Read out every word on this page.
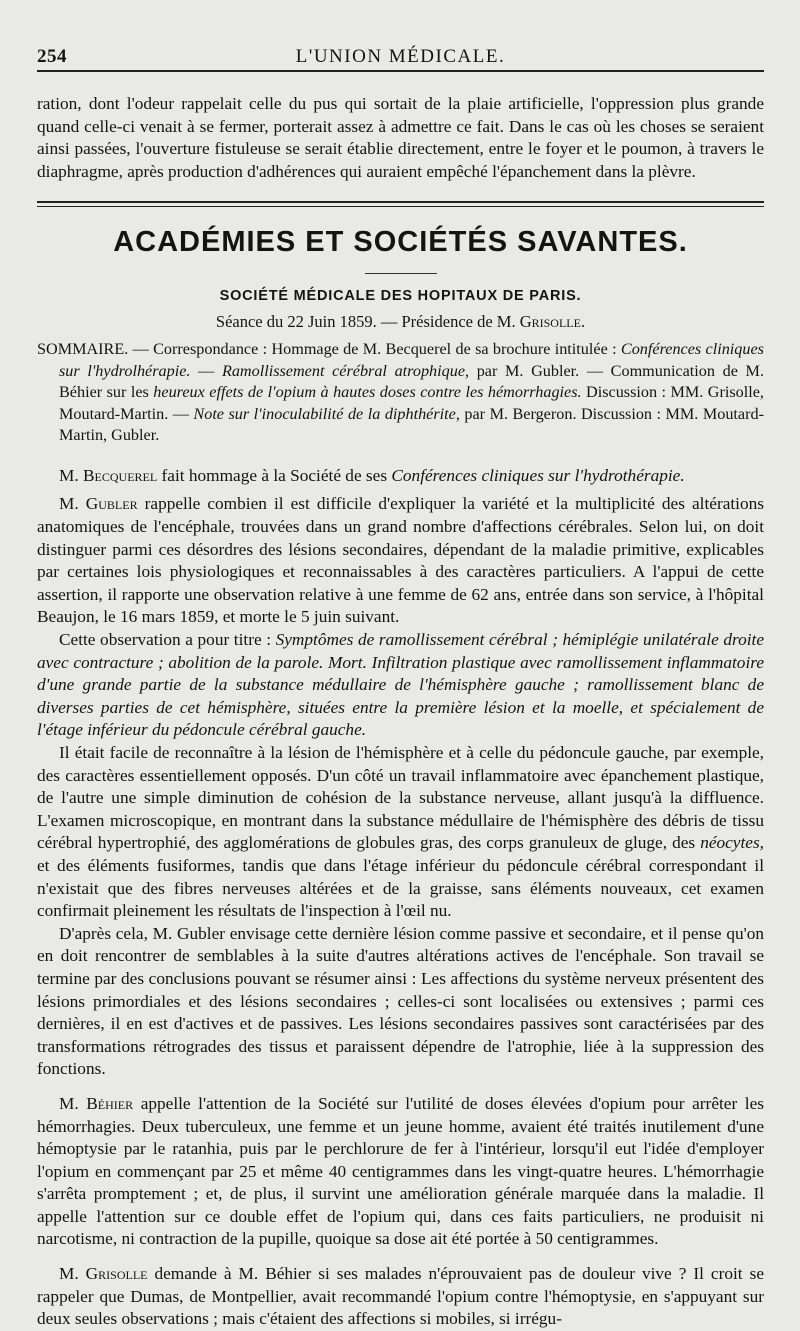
254	L'UNION MÉDICALE.

ration, dont l'odeur rappelait celle du pus qui sortait de la plaie artificielle, l'oppression plus grande quand celle-ci venait à se fermer, porterait assez à admettre ce fait. Dans le cas où les choses se seraient ainsi passées, l'ouverture fistuleuse se serait établie directement, entre le foyer et le poumon, à travers le diaphragme, après production d'adhérences qui auraient empêché l'épanchement dans la plèvre.

ACADÉMIES ET SOCIÉTÉS SAVANTES.
SOCIÉTÉ MÉDICALE DES HOPITAUX DE PARIS.
Séance du 22 Juin 1859. — Présidence de M. Grisolle.
SOMMAIRE. — Correspondance : Hommage de M. Becquerel de sa brochure intitulée : Conférences cliniques sur l'hydrolhérapie. — Ramollissement cérébral atrophique, par M. Gubler. — Communication de M. Béhier sur les heureux effets de l'opium à hautes doses contre les hémorrhagies. Discussion : MM. Grisolle, Moutard-Martin. — Note sur l'inoculabilité de la diphthérite, par M. Bergeron. Discussion : MM. Moutard-Martin, Gubler.

M. Becquerel fait hommage à la Société de ses Conférences cliniques sur l'hydrothérapie.

M. Gubler rappelle combien il est difficile d'expliquer la variété et la multiplicité des altérations anatomiques de l'encéphale, trouvées dans un grand nombre d'affections cérébrales. Selon lui, on doit distinguer parmi ces désordres des lésions secondaires, dépendant de la maladie primitive, explicables par certaines lois physiologiques et reconnaissables à des caractères particuliers. A l'appui de cette assertion, il rapporte une observation relative à une femme de 62 ans, entrée dans son service, à l'hôpital Beaujon, le 16 mars 1859, et morte le 5 juin suivant.

Cette observation a pour titre : Symptômes de ramollissement cérébral ; hémiplégie unilatérale droite avec contracture ; abolition de la parole. Mort. Infiltration plastique avec ramollissement inflammatoire d'une grande partie de la substance médullaire de l'hémisphère gauche ; ramollissement blanc de diverses parties de cet hémisphère, situées entre la première lésion et la moelle, et spécialement de l'étage inférieur du pédoncule cérébral gauche.

Il était facile de reconnaître à la lésion de l'hémisphère et à celle du pédoncule gauche, par exemple, des caractères essentiellement opposés. D'un côté un travail inflammatoire avec épanchement plastique, de l'autre une simple diminution de cohésion de la substance nerveuse, allant jusqu'à la diffluence. L'examen microscopique, en montrant dans la substance médullaire de l'hémisphère des débris de tissu cérébral hypertrophié, des agglomérations de globules gras, des corps granuleux de gluge, des néocytes, et des éléments fusiformes, tandis que dans l'étage inférieur du pédoncule cérébral correspondant il n'existait que des fibres nerveuses altérées et de la graisse, sans éléments nouveaux, cet examen confirmait pleinement les résultats de l'inspection à l'œil nu.

D'après cela, M. Gubler envisage cette dernière lésion comme passive et secondaire, et il pense qu'on en doit rencontrer de semblables à la suite d'autres altérations actives de l'encéphale. Son travail se termine par des conclusions pouvant se résumer ainsi : Les affections du système nerveux présentent des lésions primordiales et des lésions secondaires ; celles-ci sont localisées ou extensives ; parmi ces dernières, il en est d'actives et de passives. Les lésions secondaires passives sont caractérisées par des transformations rétrogrades des tissus et paraissent dépendre de l'atrophie, liée à la suppression des fonctions.

M. Béhier appelle l'attention de la Société sur l'utilité de doses élevées d'opium pour arrêter les hémorrhagies. Deux tuberculeux, une femme et un jeune homme, avaient été traités inutilement d'une hémoptysie par le ratanhia, puis par le perchlorure de fer à l'intérieur, lorsqu'il eut l'idée d'employer l'opium en commençant par 25 et même 40 centigrammes dans les vingt-quatre heures. L'hémorrhagie s'arrêta promptement ; et, de plus, il survint une amélioration générale marquée dans la maladie. Il appelle l'attention sur ce double effet de l'opium qui, dans ces faits particuliers, ne produisit ni narcotisme, ni contraction de la pupille, quoique sa dose ait été portée à 50 centigrammes.

M. Grisolle demande à M. Béhier si ses malades n'éprouvaient pas de douleur vive ? Il croit se rappeler que Dumas, de Montpellier, avait recommandé l'opium contre l'hémoptysie, en s'appuyant sur deux seules observations ; mais c'étaient des affections si mobiles, si irrégu-
